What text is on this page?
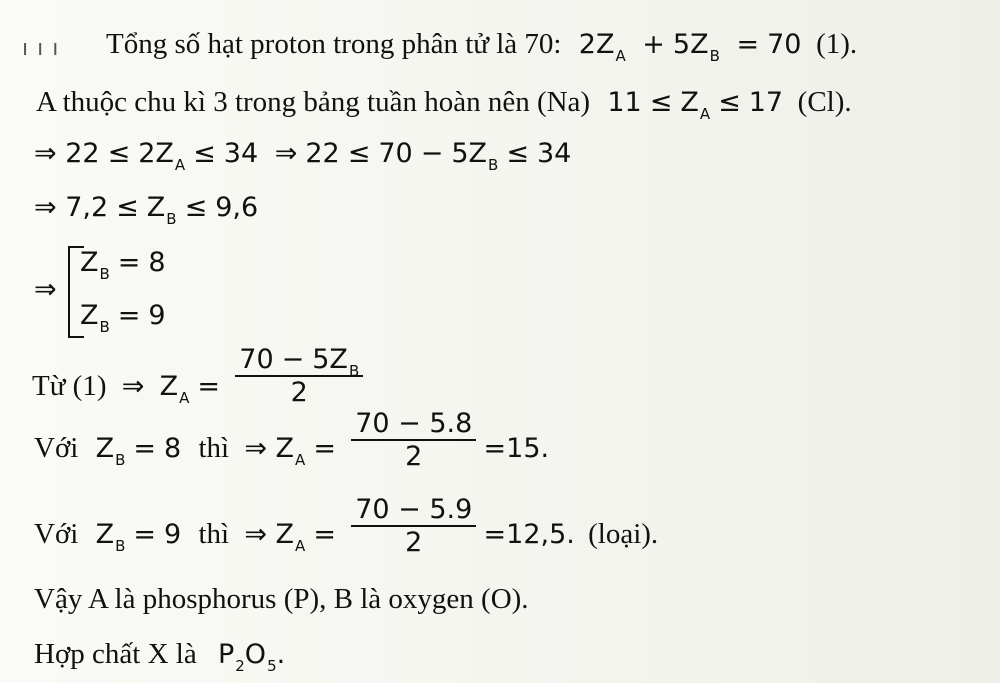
ı ı ı Tổng số hạt proton trong phân tử là 70: $2Z_A + 5Z_B = 70$ (1).
A thuộc chu kì 3 trong bảng tuần hoàn nên (Na) $11 \le Z_A \le 17$ (Cl).
⇒ $22 \le 2Z_A \le 34$ ⇒ $22 \le 70 - 5Z_B \le 34$
⇒ $7,2 \le Z_B \le 9,6$
⇒
$Z_B = 8$
$Z_B = 9$
Từ (1) ⇒ $Z_A = \frac{70 - 5Z_B}{2}$
Với $Z_B = 8$ thì ⇒ $Z_A = \frac{70 - 5.8}{2} =15$.
Với $Z_B = 9$ thì ⇒ $Z_A = \frac{70 - 5.9}{2} =12,5$. (loại).
Vậy A là phosphorus (P), B là oxygen (O).
Hợp chất X là $P_2O_5$.
